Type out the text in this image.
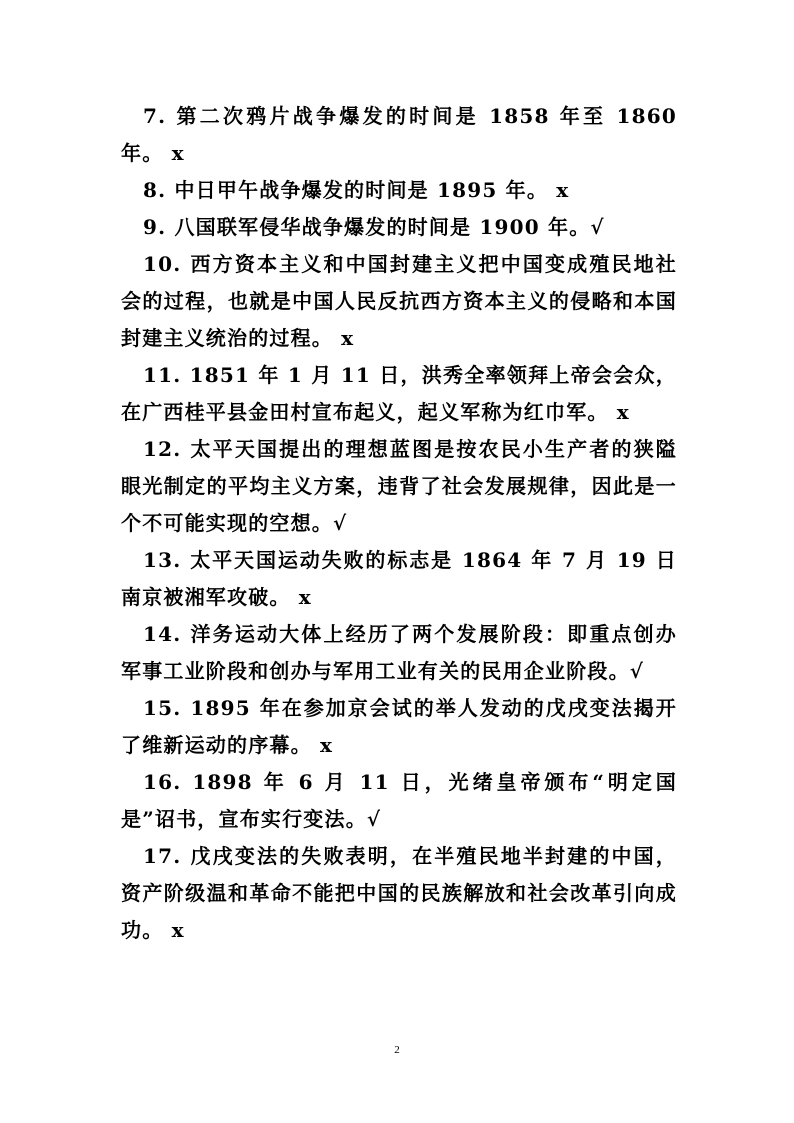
7. 第二次鸦片战争爆发的时间是 1858 年至 1860 年。 x

8. 中日甲午战争爆发的时间是 1895 年。 x

9. 八国联军侵华战争爆发的时间是 1900 年。√

10. 西方资本主义和中国封建主义把中国变成殖民地社会的过程，也就是中国人民反抗西方资本主义的侵略和本国封建主义统治的过程。 x

11. 1851 年 1 月 11 日，洪秀全率领拜上帝会会众，在广西桂平县金田村宣布起义，起义军称为红巾军。 x

12. 太平天国提出的理想蓝图是按农民小生产者的狭隘眼光制定的平均主义方案，违背了社会发展规律，因此是一个不可能实现的空想。√

13. 太平天国运动失败的标志是 1864 年 7 月 19 日南京被湘军攻破。 x

14. 洋务运动大体上经历了两个发展阶段：即重点创办军事工业阶段和创办与军用工业有关的民用企业阶段。√

15. 1895 年在参加京会试的举人发动的戊戌变法揭开了维新运动的序幕。 x

16. 1898 年 6 月 11 日，光绪皇帝颁布“明定国是”诏书，宣布实行变法。√

17. 戊戌变法的失败表明，在半殖民地半封建的中国，资产阶级温和革命不能把中国的民族解放和社会改革引向成功。 x

2
